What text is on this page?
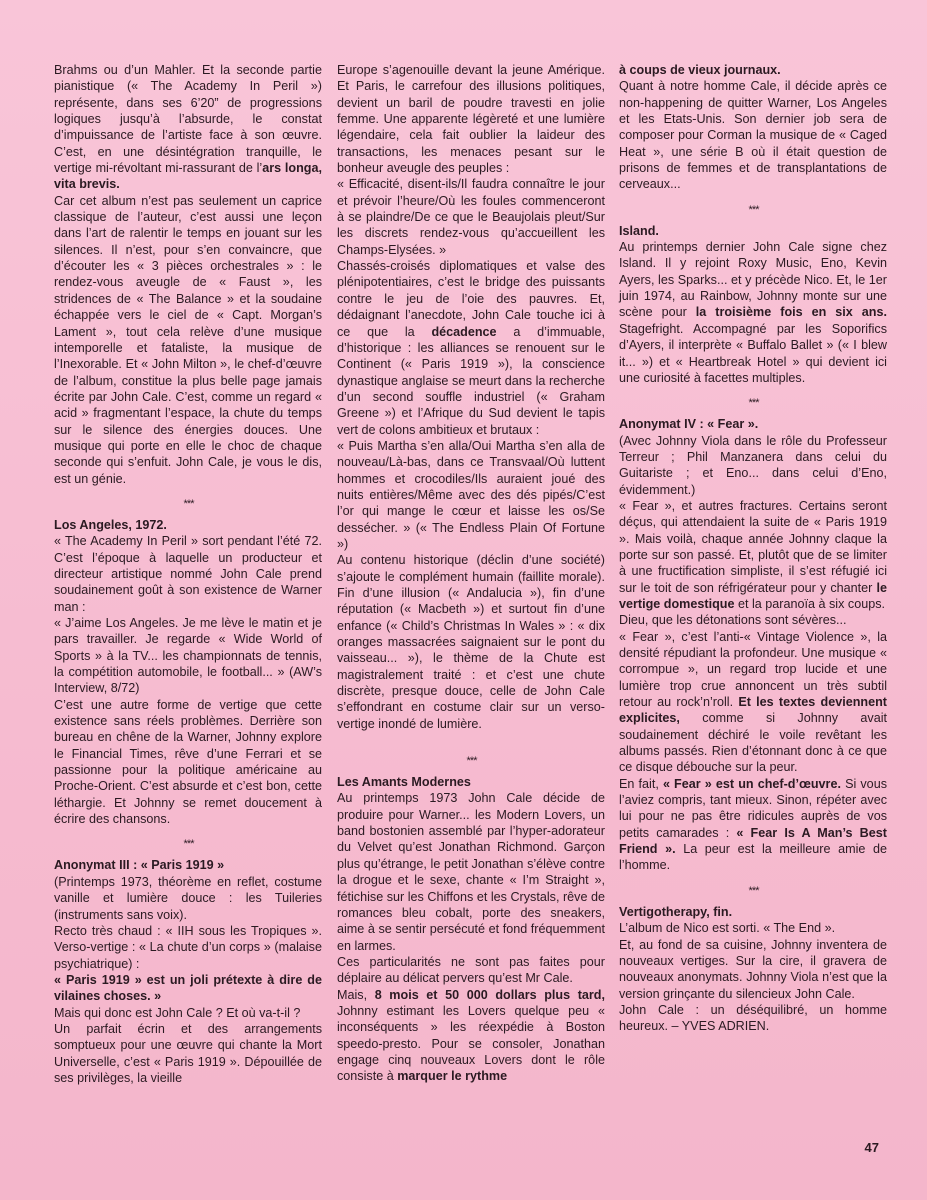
Brahms ou d’un Mahler. Et la seconde partie pianistique (« The Academy In Peril ») représente, dans ses 6’20” de progressions logiques jusqu’à l’absurde, le constat d’impuissance de l’artiste face à son œuvre. C’est, en une désintégration tranquille, le vertige mi-révoltant mi-rassurant de l’ars longa, vita brevis.

Car cet album n’est pas seulement un caprice classique de l’auteur, c’est aussi une leçon dans l’art de ralentir le temps en jouant sur les silences. Il n’est, pour s’en convaincre, que d’écouter les « 3 pièces orchestrales » : le rendez-vous aveugle de « Faust », les stridences de « The Balance » et la soudaine échappée vers le ciel de « Capt. Morgan’s Lament », tout cela relève d’une musique intemporelle et fataliste, la musique de l’Inexorable. Et « John Milton », le chef-d’œuvre de l’album, constitue la plus belle page jamais écrite par John Cale. C’est, comme un regard « acid » fragmentant l’espace, la chute du temps sur le silence des énergies douces. Une musique qui porte en elle le choc de chaque seconde qui s’enfuit. John Cale, je vous le dis, est un génie.

* * *

Los Angeles, 1972.

« The Academy In Peril » sort pendant l’été 72. C’est l’époque à laquelle un producteur et directeur artistique nommé John Cale prend soudainement goût à son existence de Warner man :

« J’aime Los Angeles. Je me lève le matin et je pars travailler. Je regarde « Wide World of Sports » à la TV... les championnats de tennis, la compétition automobile, le football... » (AW’s Interview, 8/72)

C’est une autre forme de vertige que cette existence sans réels problèmes. Derrière son bureau en chêne de la Warner, Johnny explore le Financial Times, rêve d’une Ferrari et se passionne pour la politique américaine au Proche-Orient. C’est absurde et c’est bon, cette léthargie. Et Johnny se remet doucement à écrire des chansons.

* * *

Anonymat III : « Paris 1919 »

(Printemps 1973, théorème en reflet, costume vanille et lumière douce : les Tuileries (instruments sans voix).

Recto très chaud : « IIH sous les Tropiques ». Verso-vertige : « La chute d’un corps » (malaise psychiatrique) :

« Paris 1919 » est un joli prétexte à dire de vilaines choses. »

Mais qui donc est John Cale ? Et où va-t-il ?

Un parfait écrin et des arrangements somptueux pour une œuvre qui chante la Mort Universelle, c’est « Paris 1919 ». Dépouillée de ses privilèges, la vieille

Europe s’agenouille devant la jeune Amérique. Et Paris, le carrefour des illusions politiques, devient un baril de poudre travesti en jolie femme. Une apparente légèreté et une lumière légendaire, cela fait oublier la laideur des transactions, les menaces pesant sur le bonheur aveugle des peuples :

« Efficacité, disent-ils/Il faudra connaître le jour et prévoir l’heure/Où les foules commenceront à se plaindre/De ce que le Beaujolais pleut/Sur les discrets rendez-vous qu’accueillent les Champs-Elysées. »

Chassés-croisés diplomatiques et valse des plénipotentiaires, c’est le bridge des puissants contre le jeu de l’oie des pauvres. Et, dédaignant l’anecdote, John Cale touche ici à ce que la décadence a d’immuable, d’historique : les alliances se renouent sur le Continent (« Paris 1919 »), la conscience dynastique anglaise se meurt dans la recherche d’un second souffle industriel (« Graham Greene ») et l’Afrique du Sud devient le tapis vert de colons ambitieux et brutaux :

« Puis Martha s’en alla/Oui Martha s’en alla de nouveau/Là-bas, dans ce Transvaal/Où luttent hommes et crocodiles/Ils auraient joué des nuits entières/Même avec des dés pipés/C’est l’or qui mange le cœur et laisse les os/Se dessécher. » (« The Endless Plain Of Fortune »)

Au contenu historique (déclin d’une société) s’ajoute le complément humain (faillite morale). Fin d’une illusion (« Andalucia »), fin d’une réputation (« Macbeth ») et surtout fin d’une enfance (« Child’s Christmas In Wales » : « dix oranges massacrées saignaient sur le pont du vaisseau... »), le thème de la Chute est magistralement traité : et c’est une chute discrète, presque douce, celle de John Cale s’effondrant en costume clair sur un verso-vertige inondé de lumière.

* * *

Les Amants Modernes

Au printemps 1973 John Cale décide de produire pour Warner... les Modern Lovers, un band bostonien assemblé par l’hyper-adorateur du Velvet qu’est Jonathan Richmond. Garçon plus qu’étrange, le petit Jonathan s’élève contre la drogue et le sexe, chante « I’m Straight », fétichise sur les Chiffons et les Crystals, rêve de romances bleu cobalt, porte des sneakers, aime à se sentir persécuté et fond fréquemment en larmes.

Ces particularités ne sont pas faites pour déplaire au délicat pervers qu’est Mr Cale.

Mais, 8 mois et 50 000 dollars plus tard, Johnny estimant les Lovers quelque peu « inconséquents » les réexpédie à Boston speedo-presto. Pour se consoler, Jonathan engage cinq nouveaux Lovers dont le rôle consiste à marquer le rythme

à coups de vieux journaux.

Quant à notre homme Cale, il décide après ce non-happening de quitter Warner, Los Angeles et les Etats-Unis. Son dernier job sera de composer pour Corman la musique de « Caged Heat », une série B où il était question de prisons de femmes et de transplantations de cerveaux...

* * *

Island.

Au printemps dernier John Cale signe chez Island. Il y rejoint Roxy Music, Eno, Kevin Ayers, les Sparks... et y précède Nico. Et, le 1er juin 1974, au Rainbow, Johnny monte sur une scène pour la troisième fois en six ans. Stagefright. Accompagné par les Soporifics d’Ayers, il interprète « Buffalo Ballet » (« I blew it... ») et « Heartbreak Hotel » qui devient ici une curiosité à facettes multiples.

* * *

Anonymat IV : « Fear ».

(Avec Johnny Viola dans le rôle du Professeur Terreur ; Phil Manzanera dans celui du Guitariste ; et Eno... dans celui d’Eno, évidemment.)

« Fear », et autres fractures. Certains seront déçus, qui attendaient la suite de « Paris 1919 ». Mais voilà, chaque année Johnny claque la porte sur son passé. Et, plutôt que de se limiter à une fructification simpliste, il s’est réfugié ici sur le toit de son réfrigérateur pour y chanter le vertige domestique et la paranoïa à six coups.

Dieu, que les détonations sont sévères...

« Fear », c’est l’anti-« Vintage Violence », la densité répudiant la profondeur. Une musique « corrompue », un regard trop lucide et une lumière trop crue annoncent un très subtil retour au rock’n’roll. Et les textes deviennent explicites, comme si Johnny avait soudainement déchiré le voile revêtant les albums passés. Rien d’étonnant donc à ce que ce disque débouche sur la peur.

En fait, « Fear » est un chef-d’œuvre. Si vous l’aviez compris, tant mieux. Sinon, répéter avec lui pour ne pas être ridicules auprès de vos petits camarades : « Fear Is A Man’s Best Friend ». La peur est la meilleure amie de l’homme.

* * *

Vertigotherapy, fin.

L’album de Nico est sorti. « The End ».

Et, au fond de sa cuisine, Johnny inventera de nouveaux vertiges. Sur la cire, il gravera de nouveaux anonymats. Johnny Viola n’est que la version grinçante du silencieux John Cale.

John Cale : un déséquilibré, un homme heureux. – YVES ADRIEN.

47
